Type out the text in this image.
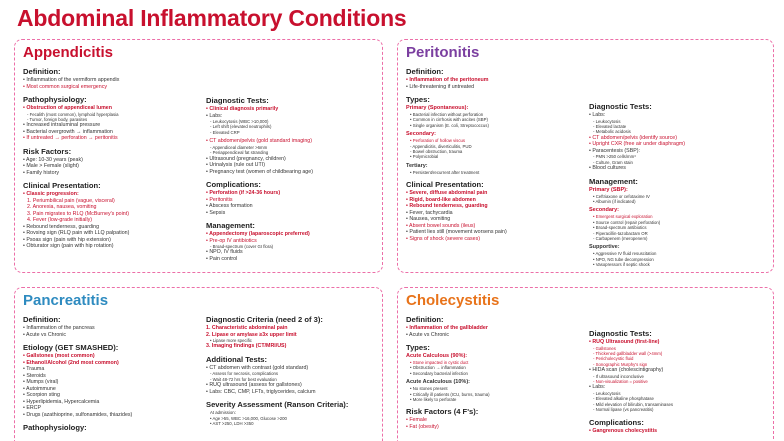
Abdominal Inflammatory Conditions
Appendicitis
Definition:
• Inflammation of the vermiform appendix
• Most common surgical emergency
Pathophysiology:
• Obstruction of appendiceal lumen
- Fecalith (most common), lymphoid hyperplasia
- Tumor, foreign body, parasites
• Increased intraluminal pressure
• Bacterial overgrowth → inflammation
• If untreated → perforation → peritonitis
Risk Factors:
• Age: 10-30 years (peak)
• Male > Female (slight)
• Family history
Clinical Presentation:
• Classic progression:
1. Periumbilical pain (vague, visceral)
2. Anorexia, nausea, vomiting
3. Pain migrates to RLQ (McBurney's point)
4. Fever (low-grade initially)
• Rebound tenderness, guarding
• Rovsing sign (RLQ pain with LLQ palpation)
• Psoas sign (pain with hip extension)
• Obturator sign (pain with hip rotation)
Diagnostic Tests:
• Clinical diagnosis primarily
• Labs:
- Leukocytosis (WBC >10,000)
- Left shift (elevated neutrophils)
- Elevated CRP
• CT abdomen/pelvis (gold standard imaging)
- Appendiceal diameter >6mm
- Periappendiceal fat stranding
• Ultrasound (pregnancy, children)
• Urinalysis (rule out UTI)
• Pregnancy test (women of childbearing age)
Complications:
• Perforation (if >24-36 hours)
• Peritonitis
• Abscess formation
• Sepsis
Management:
• Appendectomy (laparoscopic preferred)
• Pre-op IV antibiotics
- Broad-spectrum (cover GI flora)
• NPO, IV fluids
• Pain control
Peritonitis
Definition:
• Inflammation of the peritoneum
• Life-threatening if untreated
Types:
Primary (Spontaneous):
• Bacterial infection without perforation
• Common in cirrhosis with ascites (SBP)
• Single organism (E. coli, Streptococcus)
Secondary:
• Perforation of hollow viscus
- Appendicitis, diverticulitis, PUD
- Bowel obstruction, trauma
• Polymicrobial
Tertiary:
• Persistent/recurrent after treatment
Clinical Presentation:
• Severe, diffuse abdominal pain
• Rigid, board-like abdomen
• Rebound tenderness, guarding
• Fever, tachycardia
• Nausea, vomiting
• Absent bowel sounds (ileus)
• Patient lies still (movement worsens pain)
• Signs of shock (severe cases)
Diagnostic Tests:
• Labs:
- Leukocytosis
- Elevated lactate
- Metabolic acidosis
• CT abdomen/pelvis (identify source)
• Upright CXR (free air under diaphragm)
• Paracentesis (SBP):
- PMN >250 cells/mm³
- Culture, Gram stain
• Blood cultures
Management:
Primary (SBP):
• Ceftriaxone or cefotaxime IV
• Albumin (if indicated)
Secondary:
• Emergent surgical exploration
• Source control (repair perforation)
• Broad-spectrum antibiotics
- Piperacillin-tazobactam OR
- Carbapenem (meropenem)
Supportive:
• Aggressive IV fluid resuscitation
• NPO, NG tube decompression
• Vasopressors if septic shock
Pancreatitis
Definition:
• Inflammation of the pancreas
• Acute vs Chronic
Etiology (GET SMASHED):
• Gallstones (most common)
• Ethanol/Alcohol (2nd most common)
• Trauma
• Steroids
• Mumps (viral)
• Autoimmune
• Scorpion sting
• Hyperlipidemia, Hypercalcemia
• ERCP
• Drugs (azathioprine, sulfonamides, thiazides)
Pathophysiology:
Diagnostic Criteria (need 2 of 3):
1. Characteristic abdominal pain
2. Lipase or amylase ≥3x upper limit
• Lipase more specific
3. Imaging findings (CT/MRI/US)
Additional Tests:
• CT abdomen with contrast (gold standard)
- Assess for necrosis, complications
- Wait 48-72 hrs for best evaluation
• RUQ ultrasound (assess for gallstones)
• Labs: CBC, CMP, LFTs, triglycerides, calcium
Severity Assessment (Ranson Criteria):
At admission:
• Age >55, WBC >16,000, Glucose >200
• AST >250, LDH >350
Cholecystitis
Definition:
• Inflammation of the gallbladder
• Acute vs Chronic
Types:
Acute Calculous (90%):
• Stone impacted in cystic duct
• Obstruction → inflammation
• Secondary bacterial infection
Acute Acalculous (10%):
• No stones present
• Critically ill patients (ICU, burns, trauma)
• More likely to perforate
Risk Factors (4 F's):
• Female
• Fat (obesity)
Diagnostic Tests:
• RUQ Ultrasound (first-line)
- Gallstones
- Thickened gallbladder wall (>4mm)
- Pericholecystic fluid
- Sonographic Murphy's sign
• HIDA scan (cholescintigraphy)
- If ultrasound inconclusive
- Non-visualization = positive
• Labs:
- Leukocytosis
- Elevated alkaline phosphatase
- Mild elevation of bilirubin, transaminases
- Normal lipase (vs pancreatitis)
Complications:
• Gangrenous cholecystitis
